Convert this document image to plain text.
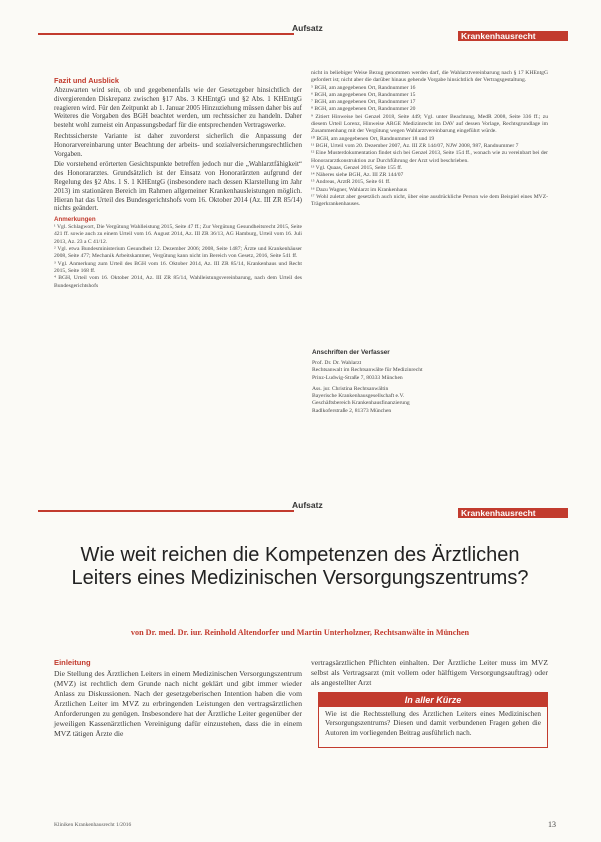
Aufsatz
Krankenhausrecht
Fazit und Ausblick

Abzuwarten wird sein, ob und gegebenenfalls wie der Gesetzgeber hinsichtlich der divergierenden Diskrepanz zwischen §17 Abs. 3 KHEntgG und §2 Abs. 1 KHEntgG reagieren wird. Für den Zeitpunkt ab 1. Januar 2005 Hinzuziehung müssen daher bis auf Weiteres die Vorgaben des BGH beachtet werden, um rechtssicher zu handeln. Daher besteht wohl zumeist ein Anpassungsbedarf für die entsprechenden Vertragswerke.

Rechtssicherste Variante ist daher zuvorderst sicherlich die Anpassung der Honorarvereinbarung unter Beachtung der arbeits- und sozialversicherungsrechtlichen Vorgaben.

Die vorstehend erörterten Gesichtspunkte betreffen jedoch nur die „Wahlarztfähigkeit“ des Honorararztes. Grundsätzlich ist der Einsatz von Honorarärzten aufgrund der Regelung des §2 Abs. 1 S. 1 KHEntgG (insbesondere nach dessen Klarstellung im Jahr 2013) im stationären Bereich im Rahmen allgemeiner Krankenhausleistungen möglich. Hieran hat das Urteil des Bundesgerichtshofs vom 16. Oktober 2014 (Az. III ZR 85/14) nichts geändert.

Anmerkungen
¹ Vgl. Schlagwort, Die Vergütung Wahlleistung 2015, Seite 47 ff.; Zur Vergütung Gesundheitsrecht 2015, Seite 421 ff. sowie auch zu einem Urteil vom 16. August 2014, Az. III ZR 36/13, AG Hamburg, Urteil vom 16. Juli 2013, Az. 23 a C 41/12.
² Vgl. etwa Bundesministerium Gesundheit 12. Dezember 2006; 2008, Seite 1487; Ärzte und Krankenhäuser 2008, Seite 477; Mechanik Arbeitskammer, Vergütung kann nicht im Bereich von Gesetz, 2016, Seite 541 ff.
³ Vgl. Anmerkung zum Urteil des BGH vom 16. Oktober 2014, Az. III ZR 85/14, Krankenhaus und Recht 2015, Seite 168 ff.
⁴ BGH, Urteil vom 16. Oktober 2014, Az. III ZR 85/14, Wahlleistungsvereinbarung, nach dem Urteil des Bundesgerichtshofs
nicht in beliebiger Weise Bezug genommen werden darf, die Wahlarztvereinbarung nach § 17 KHEntgG gefordert ist; nicht aber die darüber hinaus gehende Vorgabe hinsichtlich der Vertragsgestaltung.
⁵ BGH, am angegebenen Ort, Randnummer 16
⁶ BGH, am angegebenen Ort, Randnummer 15
⁷ BGH, am angegebenen Ort, Randnummer 17
⁸ BGH, am angegebenen Ort, Randnummer 20
⁹ Zitiert Hinweise bei Genzel 2018, Seite 449; Vgl. unter Beachtung, MedR 2008, Seite 336 ff.; zu diesem Urteil Lorenz, Hinweise ARGE Medizinrecht im DAV auf dessen Vorlage, Rechtsgrundlage im Zusammenhang mit der Vergütung wegen Wahlarztvereinbarung eingeführt würde.
¹⁰ BGH, am angegebenen Ort, Randnummer 18 und 19
¹¹ BGH, Urteil vom 20. Dezember 2007, Az. III ZR 144/07, NJW 2008, 987, Randnummer 7
¹² Eine Musterdokumentation findet sich bei Genzel 2013, Seite 154 ff., wonach wie zu vereinbart bei der Honorararztkonstruktion zur Durchführung der Arzt wird beschrieben.
¹³ Vgl. Quaas, Genzel 2015, Seite 155 ff.
¹⁴ Näheres siehe BGH, Az. III ZR 144/07
¹⁵ Andreas, ArztR 2015, Seite 61 ff.
¹⁶ Dazu Wagner, Wahlarzt im Krankenhaus
¹⁷ Wohl zuletzt aber gesetzlich auch nicht, über eine ausdrückliche Person wie dem Beispiel eines MVZ-Trägerkrankenhauses.
Anschriften der Verfasser
Prof. Dr. Dr. Wahlarzt
Rechtsanwalt im Rechtsanwälte für Medizinrecht
Prinz-Ludwig-Straße 7, 80333 München
Ass. jur. Christina Rechtsanwältin
Bayerische Krankenhausgesellschaft e.V.
Geschäftsbereich Krankenhausfinanzierung
Radlkoferstraße 2, 81373 München
Aufsatz
Krankenhausrecht
Wie weit reichen die Kompetenzen des Ärztlichen Leiters eines Medizinischen Versorgungszentrums?
von Dr. med. Dr. iur. Reinhold Altendorfer und Martin Unterholzner, Rechtsanwälte in München
Einleitung

Die Stellung des Ärztlichen Leiters in einem Medizinischen Versorgungszentrum (MVZ) ist rechtlich dem Grunde nach nicht geklärt und gibt immer wieder Anlass zu Diskussionen. Nach der gesetzgeberischen Intention haben die vom Ärztlichen Leiter im MVZ zu erbringenden Leistungen den vertragsärztlichen Anforderungen zu genügen. Insbesondere hat der Ärztliche Leiter gegenüber der jeweiligen Kassenärztlichen Vereinigung dafür einzustehen, dass die in einem MVZ tätigen Ärzte die

vertragsärztlichen Pflichten einhalten. Der Ärztliche Leiter muss im MVZ selbst als Vertragsarzt (mit vollem oder hälftigem Versorgungsauftrag) oder als angestellter Arzt

In aller Kürze
Wie ist die Rechtsstellung des Ärztlichen Leiters eines Medizinischen Versorgungszentrums? Diesen und damit verbundenen Fragen gehen die Autoren im vorliegenden Beitrag ausführlich nach.
Kliniken Krankenhausrecht 1/2016	13
